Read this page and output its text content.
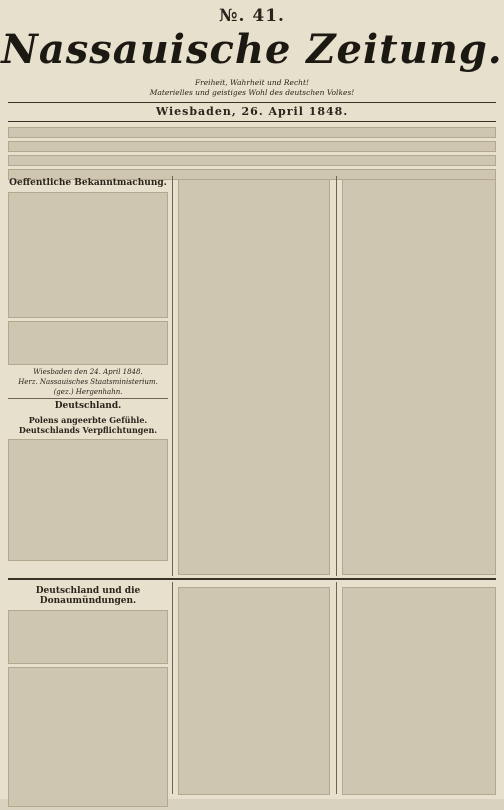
№. 41.
Nassauische Zeitung.
Freiheit, Wahrheit und Recht!
Materielles und geistiges Wohl des deutschen Volkes!
Wiesbaden, 26. April 1848.
Oeffentliche Bekanntmachung.
Wiesbaden den 24. April 1848.
Herz. Nassauisches Staatsministerium.
(gez.) Hergenhahn.
Deutschland.
Polens angeerbte Gefühle. Deutschlands Verpflichtungen.
Deutschland und die Donaumündungen.
